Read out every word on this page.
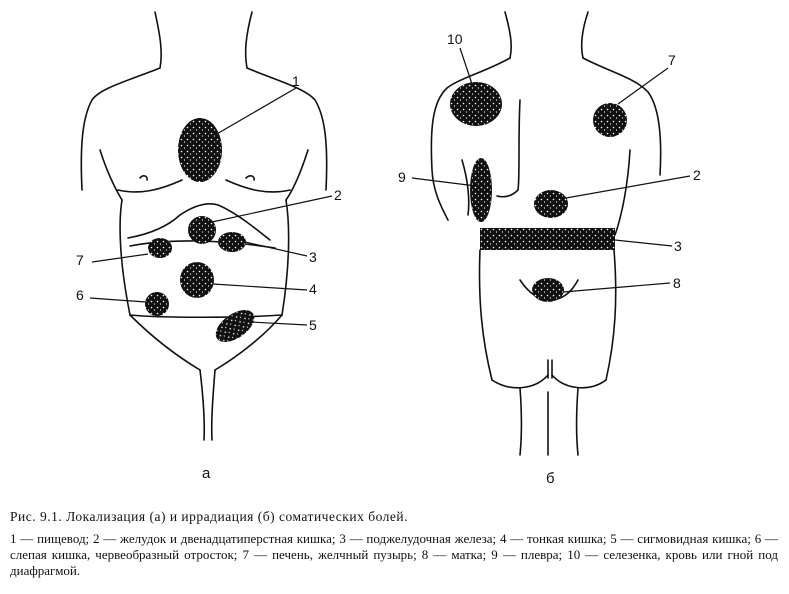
1
2
3
4
5
6
7
а
10
7
9	2
3
8
б

Рис. 9.1. Локализация (а) и иррадиация (б) соматических болей.

1 — пищевод; 2 — желудок и двенадцатиперстная кишка; 3 — поджелудочная железа; 4 — тонкая кишка; 5 — сигмовидная кишка; 6 — слепая кишка, червеобразный отросток; 7 — печень, желчный пузырь; 8 — матка; 9 — плевра; 10 — селезенка, кровь или гной под диафрагмой.
